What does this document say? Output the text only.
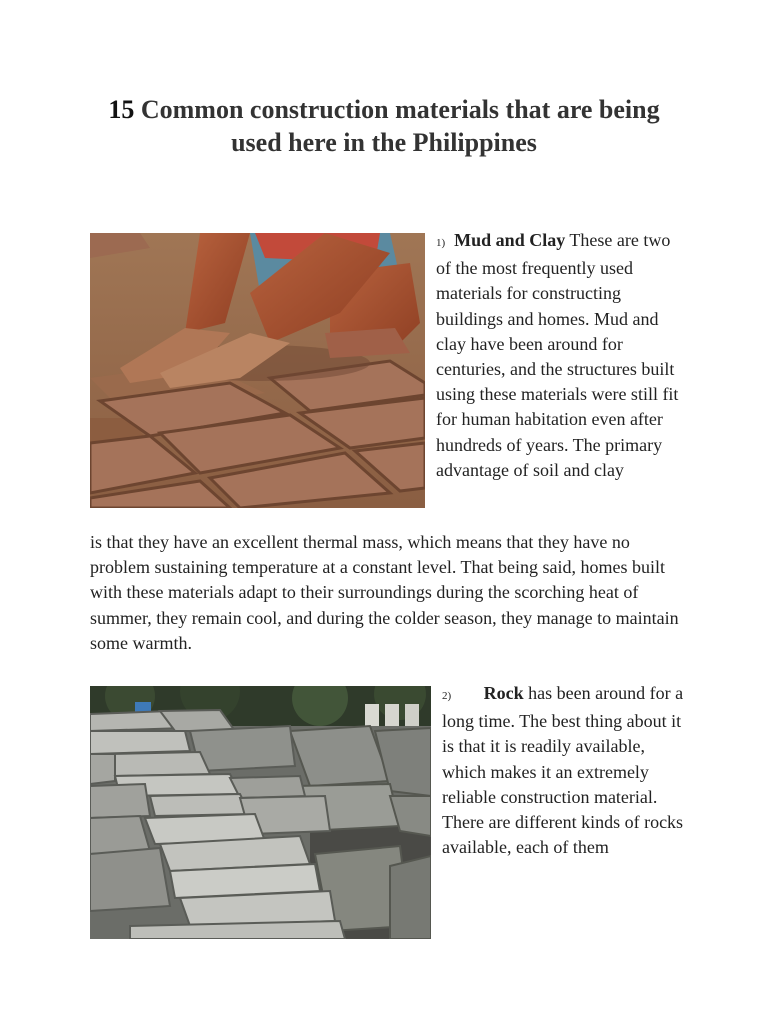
15 Common construction materials that are being used here in the Philippines
1) Mud and Clay These are two of the most frequently used materials for constructing buildings and homes. Mud and clay have been around for centuries, and the structures built using these materials were still fit for human habitation even after hundreds of years. The primary advantage of soil and clay
is that they have an excellent thermal mass, which means that they have no problem sustaining temperature at a constant level. That being said, homes built with these materials adapt to their surroundings during the scorching heat of summer, they remain cool, and during the colder season, they manage to maintain some warmth.
2) Rock has been around for a long time. The best thing about it is that it is readily available, which makes it an extremely reliable construction material. There are different kinds of rocks available, each of them
